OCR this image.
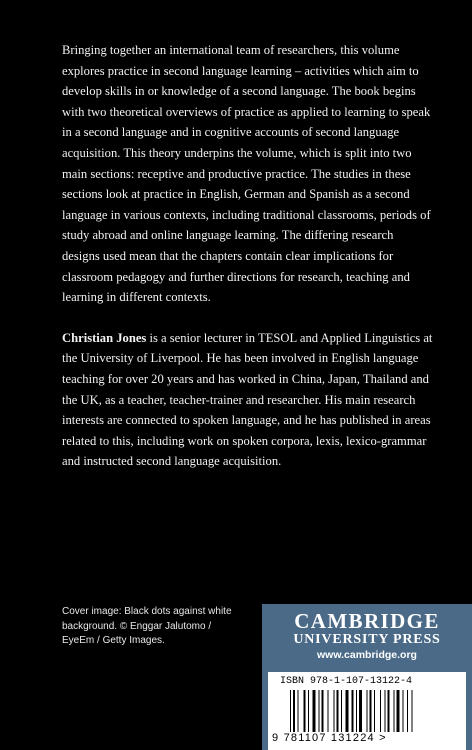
Bringing together an international team of researchers, this volume explores practice in second language learning – activities which aim to develop skills in or knowledge of a second language. The book begins with two theoretical overviews of practice as applied to learning to speak in a second language and in cognitive accounts of second language acquisition. This theory underpins the volume, which is split into two main sections: receptive and productive practice. The studies in these sections look at practice in English, German and Spanish as a second language in various contexts, including traditional classrooms, periods of study abroad and online language learning. The differing research designs used mean that the chapters contain clear implications for classroom pedagogy and further directions for research, teaching and learning in different contexts.

Christian Jones is a senior lecturer in TESOL and Applied Linguistics at the University of Liverpool. He has been involved in English language teaching for over 20 years and has worked in China, Japan, Thailand and the UK, as a teacher, teacher-trainer and researcher. His main research interests are connected to spoken language, and he has published in areas related to this, including work on spoken corpora, lexis, lexico-grammar and instructed second language acquisition.

Cover image: Black dots against white background. © Enggar Jalutomo / EyeEm / Getty Images.
CAMBRIDGE
UNIVERSITY PRESS
www.cambridge.org
ISBN 978-1-107-13122-4
9 781107 131224 >
